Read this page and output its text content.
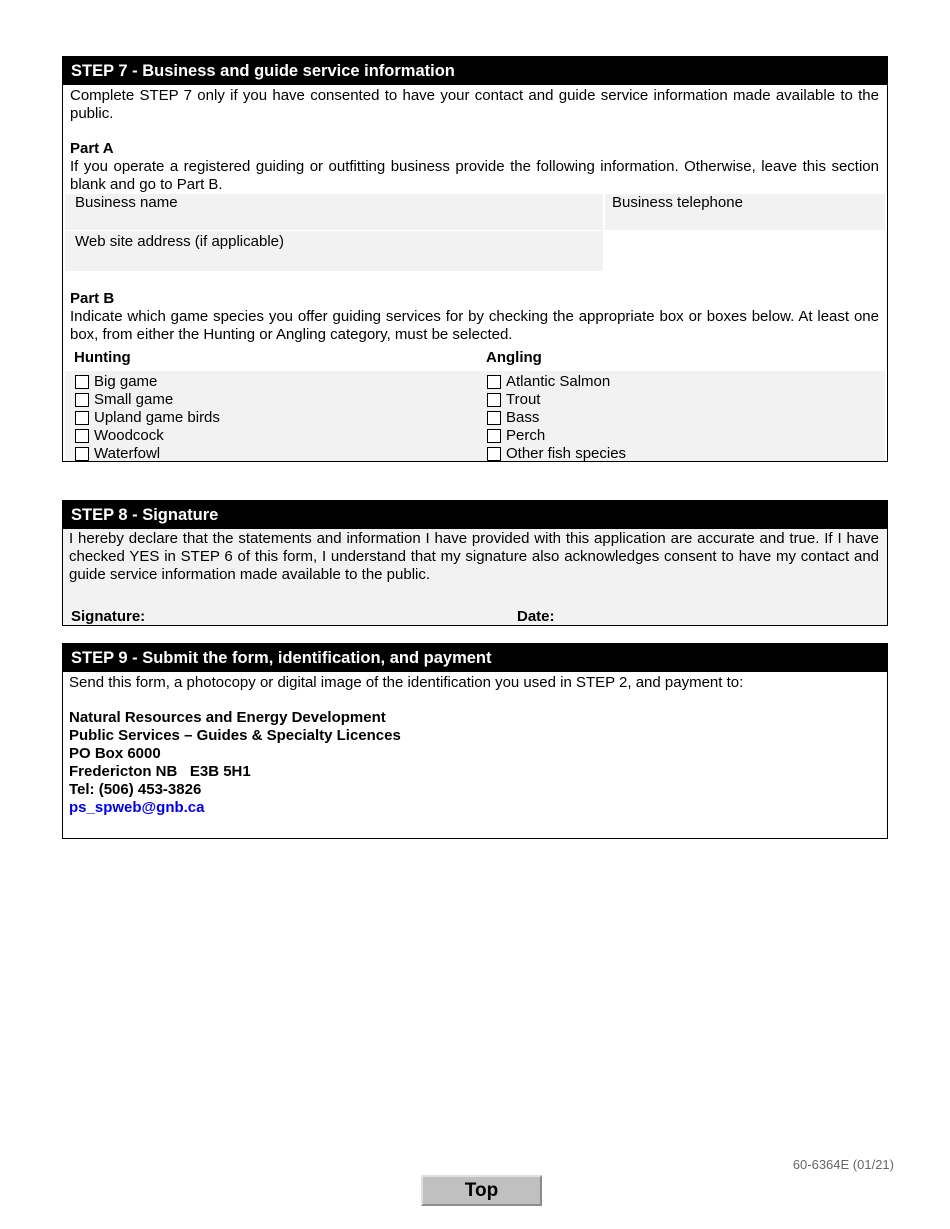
STEP 7 - Business and guide service information
Complete STEP 7 only if you have consented to have your contact and guide service information made available to the public.
Part A
If you operate a registered guiding or outfitting business provide the following information. Otherwise, leave this section blank and go to Part B.
Business name	Business telephone
Web site address (if applicable)
Part B
Indicate which game species you offer guiding services for by checking the appropriate box or boxes below. At least one box, from either the Hunting or Angling category, must be selected.
Hunting	Angling
Big game
Small game
Upland game birds
Woodcock
Waterfowl
Atlantic Salmon
Trout
Bass
Perch
Other fish species
STEP 8 - Signature
I hereby declare that the statements and information I have provided with this application are accurate and true. If I have checked YES in STEP 6 of this form, I understand that my signature also acknowledges consent to have my contact and guide service information made available to the public.
Signature:	Date:
STEP 9 - Submit the form, identification, and payment
Send this form, a photocopy or digital image of the identification you used in STEP 2, and payment to:
Natural Resources and Energy Development
Public Services – Guides & Specialty Licences
PO Box 6000
Fredericton NB   E3B 5H1
Tel: (506) 453-3826
ps_spweb@gnb.ca
60-6364E (01/21)
Top
